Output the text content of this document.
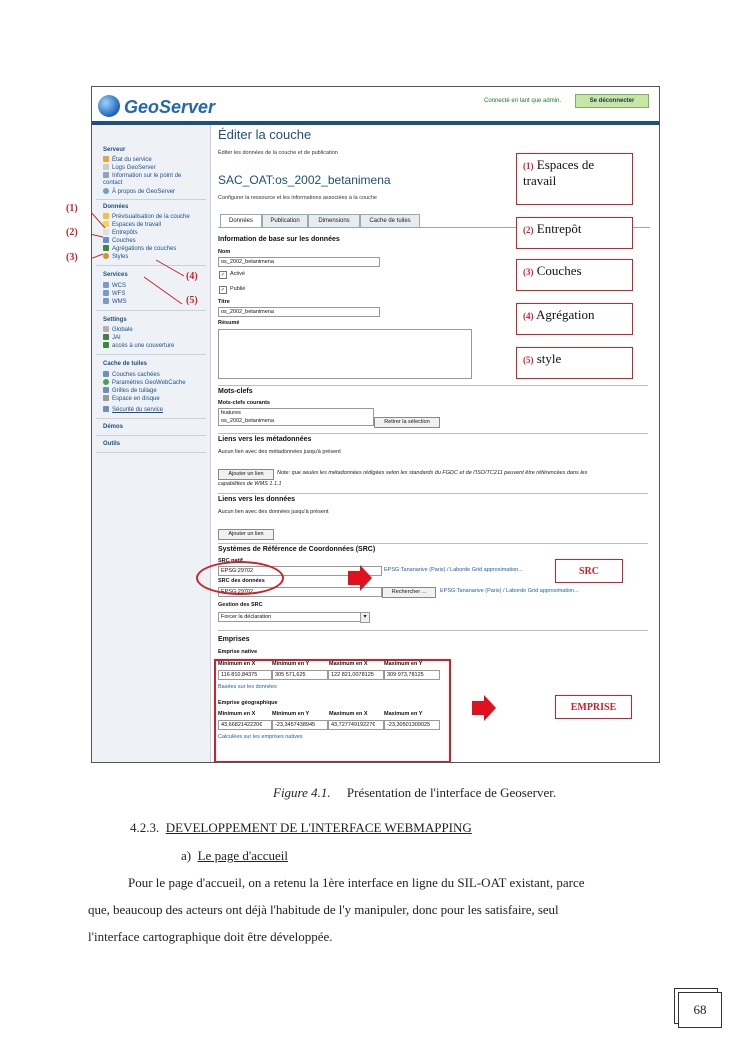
GeoServer	Connecté en tant que admin.	Se déconnecter
Serveur
État du service
Logs GeoServer
Information sur le point de
contact
À propos de GeoServer
Données
Prévisualisation de la couche
Espaces de travail
Entrepôts
Couches
Agrégations de couches
Styles
Services
WCS
WFS
WMS
Settings
Globale
JAI
accès à une couverture
Cache de tuiles
Couches cachées
Paramètres GeoWebCache
Grilles de tuilage
Espace en disque
Sécurité du service
Démos
Outils
Éditer la couche
Éditer les données de la couche et de publication
SAC_OAT:os_2002_betanimena
Configurer la ressource et les informations associées à la couche
Données	Publication	Dimensions	Cache de tuiles
Information de base sur les données
Nom
os_2002_betanimena
✓ Activé
✓ Publié
Titre
os_2002_betanimena
Résumé
Mots-clefs
Mots-clefs courants
features
os_2002_betanimena	Retirer la sélection
Liens vers les métadonnées
Aucun lien avec des métadonnées jusqu'à présent
Ajouter un lien	Note: que seules les métadonnées rédigées selon les standards du FGDC et de l'ISO/TC211 peuvent être référencées dans les
capabilities de WMS 1.1.1
Liens vers les données
Aucun lien avec des données jusqu'à présent
Ajouter un lien
Systèmes de Référence de Coordonnées (SRC)
SRC natif
EPSG:29702	EPSG:Tananarive (Paris) / Laborde Grid approximation...
SRC des données
EPSG:29702	Rechercher ...	EPSG:Tananarive (Paris) / Laborde Grid approximation...
Gestion des SRC
Forcer la déclaration	▾
Emprises
Emprise native
Minimum en X	Minimum en Y	Maximum en X	Maximum en Y
116 810,84375	305 571,625	122 821,0078125	309 973,78125
Basées sur les données
Emprise géographique
Minimum en X	Minimum en Y	Maximum en X	Maximum en Y
43,6682142220€	-23,3457438945	43,72774919227€	-23,30501309025
Calculées sur les emprises natives
(1) Espaces de travail
(2) Entrepôt
(3) Couches
(4) Agrégation
(5) style
SRC
EMPRISE
(4)
(5)
(1)
(2)
(3)
Figure 4.1. Présentation de l'interface de Geoserver.
4.2.3. DEVELOPPEMENT DE L'INTERFACE WEBMAPPING
a) Le page d'accueil
Pour le page d'accueil, on a retenu la 1ère interface en ligne du SIL-OAT existant, parce
que, beaucoup des acteurs ont déjà l'habitude de l'y manipuler, donc pour les satisfaire, seul
l'interface cartographique doit être développée.
68
